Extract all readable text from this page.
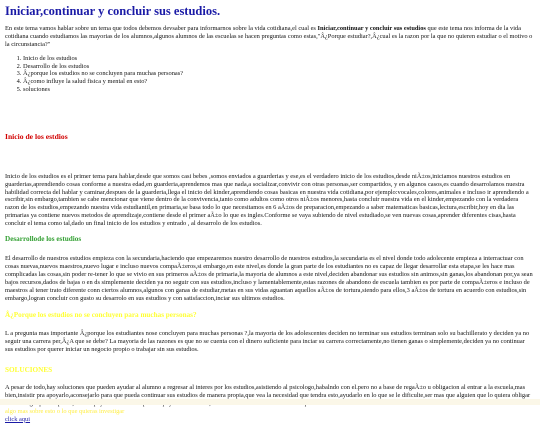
Iniciar,continuar y concluir sus estudios.

En este tema vamos hablar sobre un tema que todos debemos devsaber para informarnos sobre la vida cotidiana,el cual es Iniciar,continuar y concluir sus estudios que este tema nos informa de la vida cotidiana cuando estudiamos las mayorias de los alumnos,algunos alumnos de las escuelas se hacen preguntas como estas,"Â¿Porque estudiar?,Â¿cual es la razon por la que no quieren estudiar o el motivo o la circunstancia?"

1. Inicio de los estudios
2. Desarrollo de los estudios
3. Â¿porque los estudios no se concluyen para muchas personas?
4. Â¿como influye la salud fisica y mental en esto?
5. soluciones
Inicio de los estdios

Inicio de los estudios es el primer tema para hablar,desde que somos casi bebes ,somos enviados a guarderias y ese,es el verdadero inicio de los estudios,desde niÃ±os,iniciamos nuestros estudios en guarderias,aprendiendo cosas conforme a nuestra edad,en guarderia,aprendemos mas que nada,a socializar,convivir con otras personas,ser compartidos, y en algunos casos,es cuando desarrolamos nuestra habilidad correcta del hablar y caminar,despues de la guarderia,llega el inicio del kinder,aprendiendo cosas basicas en nuestra vida cotidiana,por ejemplo:vocales,colores,animales e incluso ir aprendiendo a escribir,sin embargo,tambien se cabe mencionar que viene dentro de la convivencia,tanto como adultos como otros niÃ±os menores,hasta concluir nuestra vida en el kinder,empezando con la verdadera razon de los estudios,empezando nuestra vida estudiantil,en primaria,se basa todo lo que necesitamos en 6 aÃ±os de preparacion,empezando a saber matematicas basicas,lectura,escribir,hoy en dia las primarias ya contiene nuevos metodos de aprendizaje,contiene desde el primer aÃ±o lo que es ingles.Conforme se vaya subiendo de nivel estudiado,se ven nuevas cosas,aprender diferentes cisas,hasta concluir el tema como tal,dado un final inicio de los estudios y entrado , al desarrolo de los estudios.

Desarrollode los estudios

El desarrollo de nuestros estudios empieza con la secundaria,haciendo que empezaremos nuestro desarrollo de nuestros estudios,la secundaria es el nivel donde todo adolecente empieza a interractuar con cosas nuevas,nuevos maestros,nuevo lugar e incluso nuevos compaÃ±eros,si embargo,en este nivel,es donde la gran parte de los estudiantes no es capaz de llegar desarrollar esta etapa,se les hace mas complicadas las cosas,sin poder re-tener lo que se vivio en sus primeros aÃ±os de primaria,la mayoria de alumnos a este nivel,deciden abandonar sus estudios sin animos,sin ganas,los abandonan por,ya sean bajos recursos,dados de bajas o en ds simplemente deciden ya no seguir con sus estudios,incluso y lamentablemente,estas razones de abandono de escuela tambien es por parte de compaÃ±eros e incluso de maestros al tener trato diferente conn ciertos alumnos,algunos con ganas de estudiar,metas en sus vidas aguantan aquellos aÃ±os de tortura,siendo para ellos,3 aÃ±os de tortura en acuerdo con estudios,sin embargo,logran concluir con gusto su desarrolo en sus estudios y con satisfaccion,inciar sus ultimos estudios.

Â¿Porque los estudios no se concluyen para muchas personas?

L a pregunta mas importante Â¿porque los estudiantes nose concluyen para muchas personas ?,la mayoria de los adolescentes deciden no terminar sus estudios terminan solo su bachillerato y deciden ya no seguir una carrera per,Â¿A que se debe? La mayoria de las razones es que no se cuenta con el dinero suficiente para inciar su carrera correctamente,no tienen ganas o simplemente,deciden ya no continuar sus estudios por querer iniciar un negocio propio o trabajar sin sus estudios.

SOLUCIONES

A pesar de todo,hay soluciones que pueden ayudar al alumno a regresar al interes por los estudios,asistiendo al psicologo,habalndo con el.pero no a base de regaÃ±o u obligacion al entrar a la escuela,mas bien,insistir pra apoyarlo,aconsejarlo para que pueda continuar sus estudios de manera propia,que vea la necesidad que tendra esto,ayudarlo en lo que se le dificulte,ser mas que alguien que lo quiera obligar

algo mas sobre esto o lo que quieras investigar

click aqui
